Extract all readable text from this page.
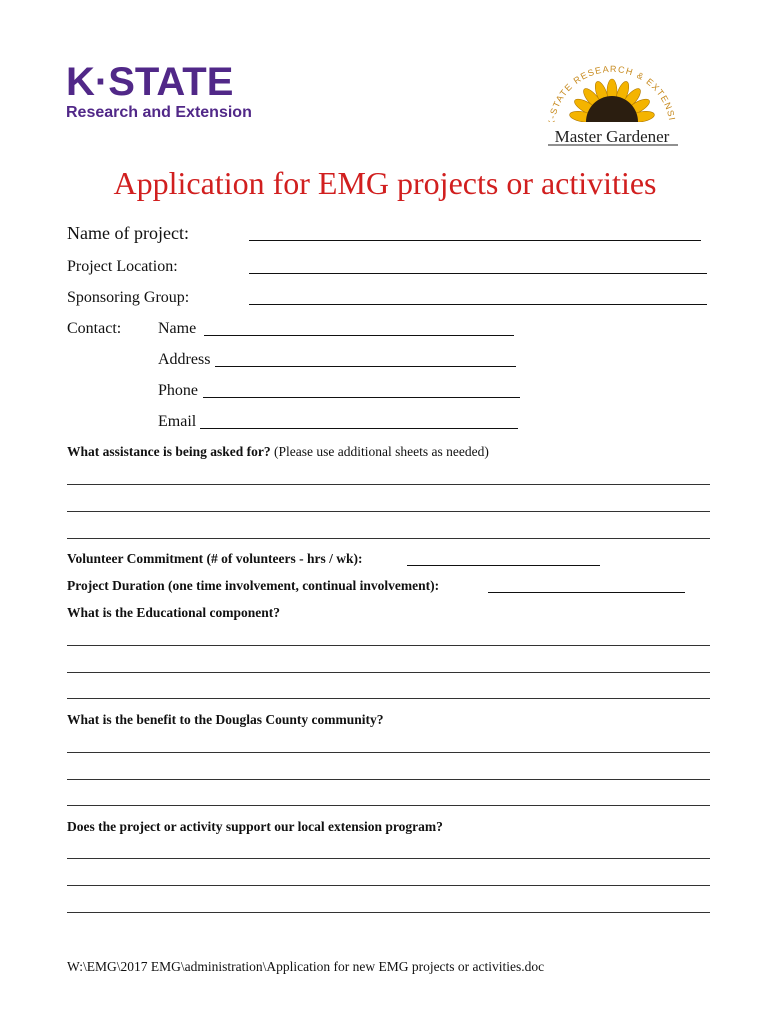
K·STATE
Research and Extension	-STATE RESEARCH & EXTENSI
Master Gardener
Application for EMG projects or activities
Name of project:
Project Location:
Sponsoring Group:
Contact: Name
Address
Phone
Email
What assistance is being asked for? (Please use additional sheets as needed)
Volunteer Commitment (# of volunteers - hrs / wk):
Project Duration (one time involvement, continual involvement):
What is the Educational component?
What is the benefit to the Douglas County community?
Does the project or activity support our local extension program?
W:\EMG\2017 EMG\administration\Application for new EMG projects or activities.doc
